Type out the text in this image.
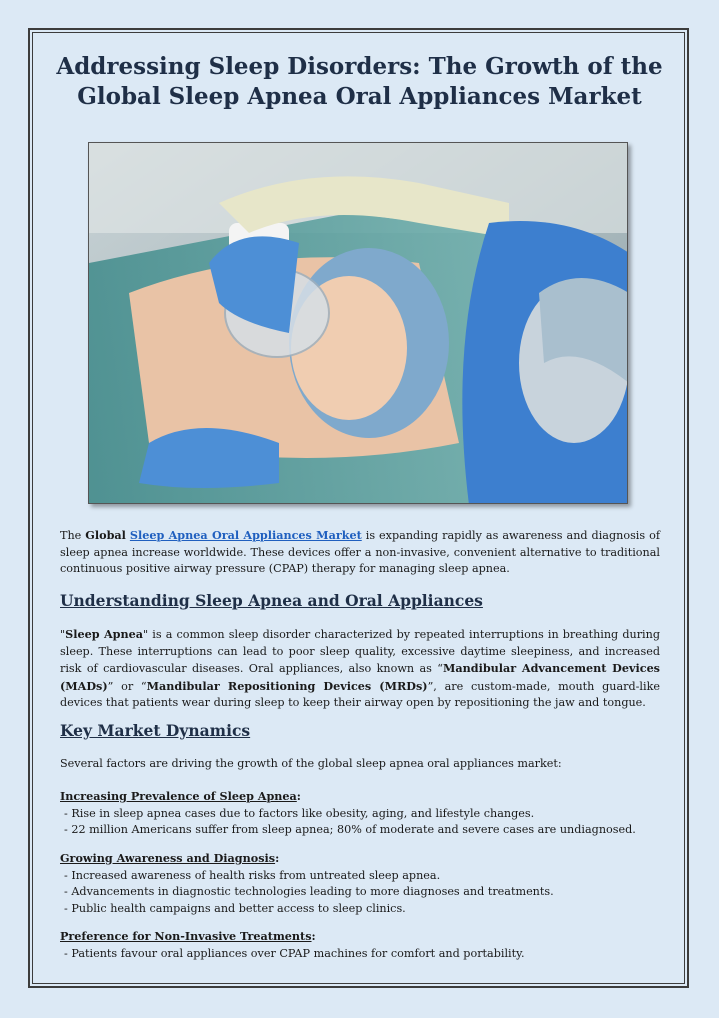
Addressing Sleep Disorders: The Growth of the Global Sleep Apnea Oral Appliances Market

The Global Sleep Apnea Oral Appliances Market is expanding rapidly as awareness and diagnosis of sleep apnea increase worldwide. These devices offer a non-invasive, convenient alternative to traditional continuous positive airway pressure (CPAP) therapy for managing sleep apnea.

Understanding Sleep Apnea and Oral Appliances

"Sleep Apnea" is a common sleep disorder characterized by repeated interruptions in breathing during sleep. These interruptions can lead to poor sleep quality, excessive daytime sleepiness, and increased risk of cardiovascular diseases. Oral appliances, also known as “Mandibular Advancement Devices (MADs)” or “Mandibular Repositioning Devices (MRDs)”, are custom-made, mouth guard-like devices that patients wear during sleep to keep their airway open by repositioning the jaw and tongue.

Key Market Dynamics

Several factors are driving the growth of the global sleep apnea oral appliances market:

Increasing Prevalence of Sleep Apnea:
- Rise in sleep apnea cases due to factors like obesity, aging, and lifestyle changes.
- 22 million Americans suffer from sleep apnea; 80% of moderate and severe cases are undiagnosed.
Growing Awareness and Diagnosis:
- Increased awareness of health risks from untreated sleep apnea.
- Advancements in diagnostic technologies leading to more diagnoses and treatments.
- Public health campaigns and better access to sleep clinics.
Preference for Non-Invasive Treatments:
- Patients favour oral appliances over CPAP machines for comfort and portability.
